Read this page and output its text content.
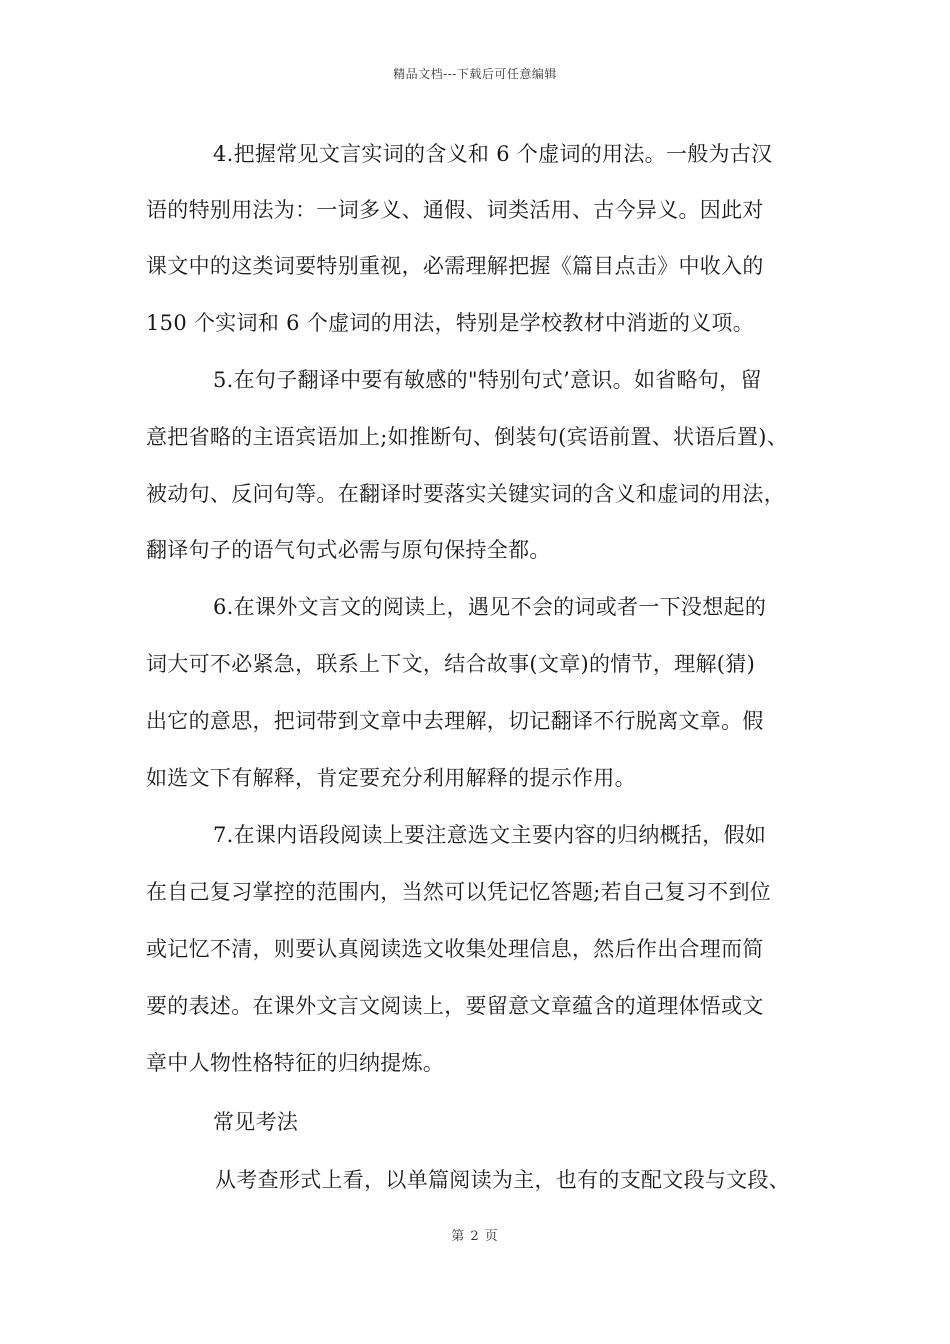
精品文档---下载后可任意编辑
4.把握常见文言实词的含义和 6 个虚词的用法。一般为古汉
语的特别用法为：一词多义、通假、词类活用、古今异义。因此对
课文中的这类词要特别重视，必需理解把握《篇目点击》中收入的
150 个实词和 6 个虚词的用法，特别是学校教材中消逝的义项。
5.在句子翻译中要有敏感的"特别句式’意识。如省略句，留
意把省略的主语宾语加上;如推断句、倒装句(宾语前置、状语后置)、
被动句、反问句等。在翻译时要落实关键实词的含义和虚词的用法，
翻译句子的语气句式必需与原句保持全都。
6.在课外文言文的阅读上，遇见不会的词或者一下没想起的
词大可不必紧急，联系上下文，结合故事(文章)的情节，理解(猜)
出它的意思，把词带到文章中去理解，切记翻译不行脱离文章。假
如选文下有解释，肯定要充分利用解释的提示作用。
7.在课内语段阅读上要注意选文主要内容的归纳概括，假如
在自己复习掌控的范围内，当然可以凭记忆答题;若自己复习不到位
或记忆不清，则要认真阅读选文收集处理信息，然后作出合理而简
要的表述。在课外文言文阅读上，要留意文章蕴含的道理体悟或文
章中人物性格特征的归纳提炼。
常见考法
从考查形式上看，以单篇阅读为主，也有的支配文段与文段、
第 2 页
